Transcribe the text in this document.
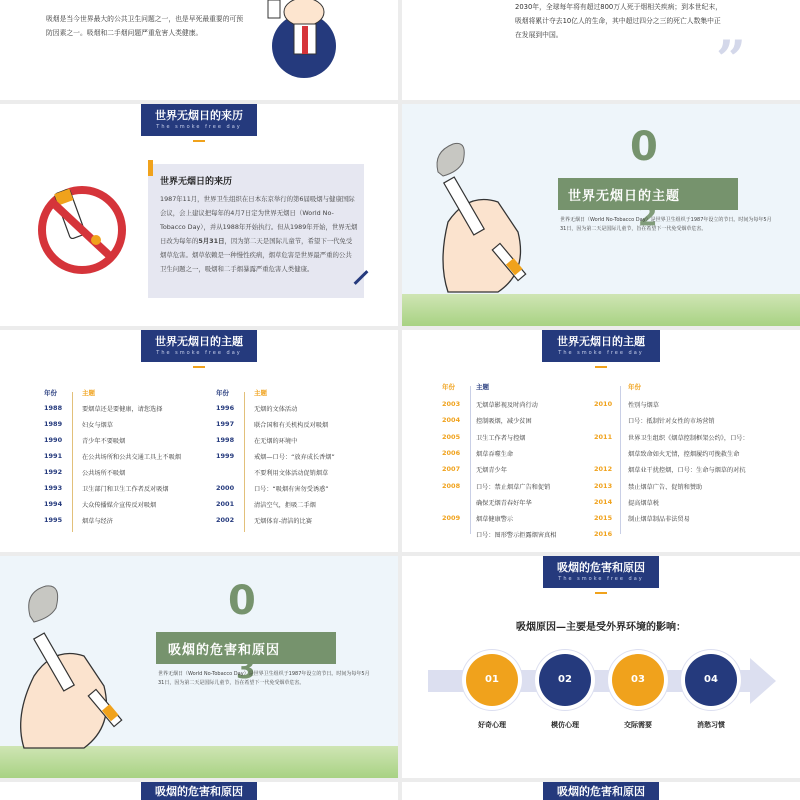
吸烟是当今世界最大的公共卫生问题之一，也是早死最重要的可预防因素之一。吸烟和二手烟问题严重危害人类健康。
2030年，全球每年将有超过800万人死于烟相关疾病；到本世纪末，吸烟将累计夺去10亿人的生命，其中超过四分之三的死亡人数集中正在发展到中国。	”
世界无烟日的来历
The smoke free day
世界无烟日的来历
1987年11月，世界卫生组织在日本东京举行的第6届吸烟与健康国际会议，会上建议把每年的4月7日定为世界无烟日（World No-Tobacco Day），并从1988年开始执行。但从1989年开始，世界无烟日改为每年的5月31日，因为第二天是国际儿童节，希望下一代免受烟草危害。烟草依赖是一种慢性疾病，烟草危害是世界最严重的公共卫生问题之一，吸烟和二手烟暴露严重危害人类健康。
0
世界无烟日的主题
2
世界无烟日（World No-Tobacco Day）是世界卫生组织于1987年设立的节日。时间为每年5月31日，因为第二天是国际儿童节，旨在希望下一代免受烟草危害。
世界无烟日的主题
The smoke free day
年份	主题	年份	主题
1988	要烟草还是要健康，请您选择
1989	妇女与烟草
1990	青少年不要吸烟
1991	在公共场所和公共交通工具上不吸烟
1992	公共场所不吸烟
1993	卫生部门和卫生工作者反对吸烟
1994	大众传播媒介宣传反对吸烟
1995	烟草与经济
1996	无烟的文体活动
1997	联合国和有关机构反对吸烟
1998	在无烟的环境中
1999	戒烟—口号：“放弃成长香烟”
不要利用文体活动促销烟草
2000	口号：“吸烟有害勿受诱惑”
2001	清洁空气，拒吸二手烟
2002	无烟体育-清洁的比赛
世界无烟日的主题
The smoke free day
年份	主题	年份
2003	无烟草影视及时尚行动
2004	控制吸烟，减少贫困
2005	卫生工作者与控烟
2006	烟草吞噬生命
2007	无烟青少年
2008	口号：禁止烟草广告和促销
确保无烟青春好年华
2009	烟草健康警示
口号：图形警示拒露烟害真相
2010	性别与烟草
口号：抵制针对女性的市场营销
2011	世界卫生组织《烟草控制框架公约》，口号：
烟草致命如火无情，控烟履约可挽救生命
2012	烟草业干扰控烟，口号：生命与烟草的对抗
2013	禁止烟草广告、促销和赞助
2014	提高烟草税
2015	制止烟草制品非法贸易
2016
0
吸烟的危害和原因
3
世界无烟日（World No-Tobacco Day）是世界卫生组织于1987年设立的节日。时间为每年5月31日，因为第二天是国际儿童节，旨在希望下一代免受烟草危害。
吸烟的危害和原因
The smoke free day
吸烟原因—主要是受外界环境的影响：
01
好奇心理
02
模仿心理
03
交际需要
04
消愁习惯
吸烟的危害和原因	吸烟的危害和原因
